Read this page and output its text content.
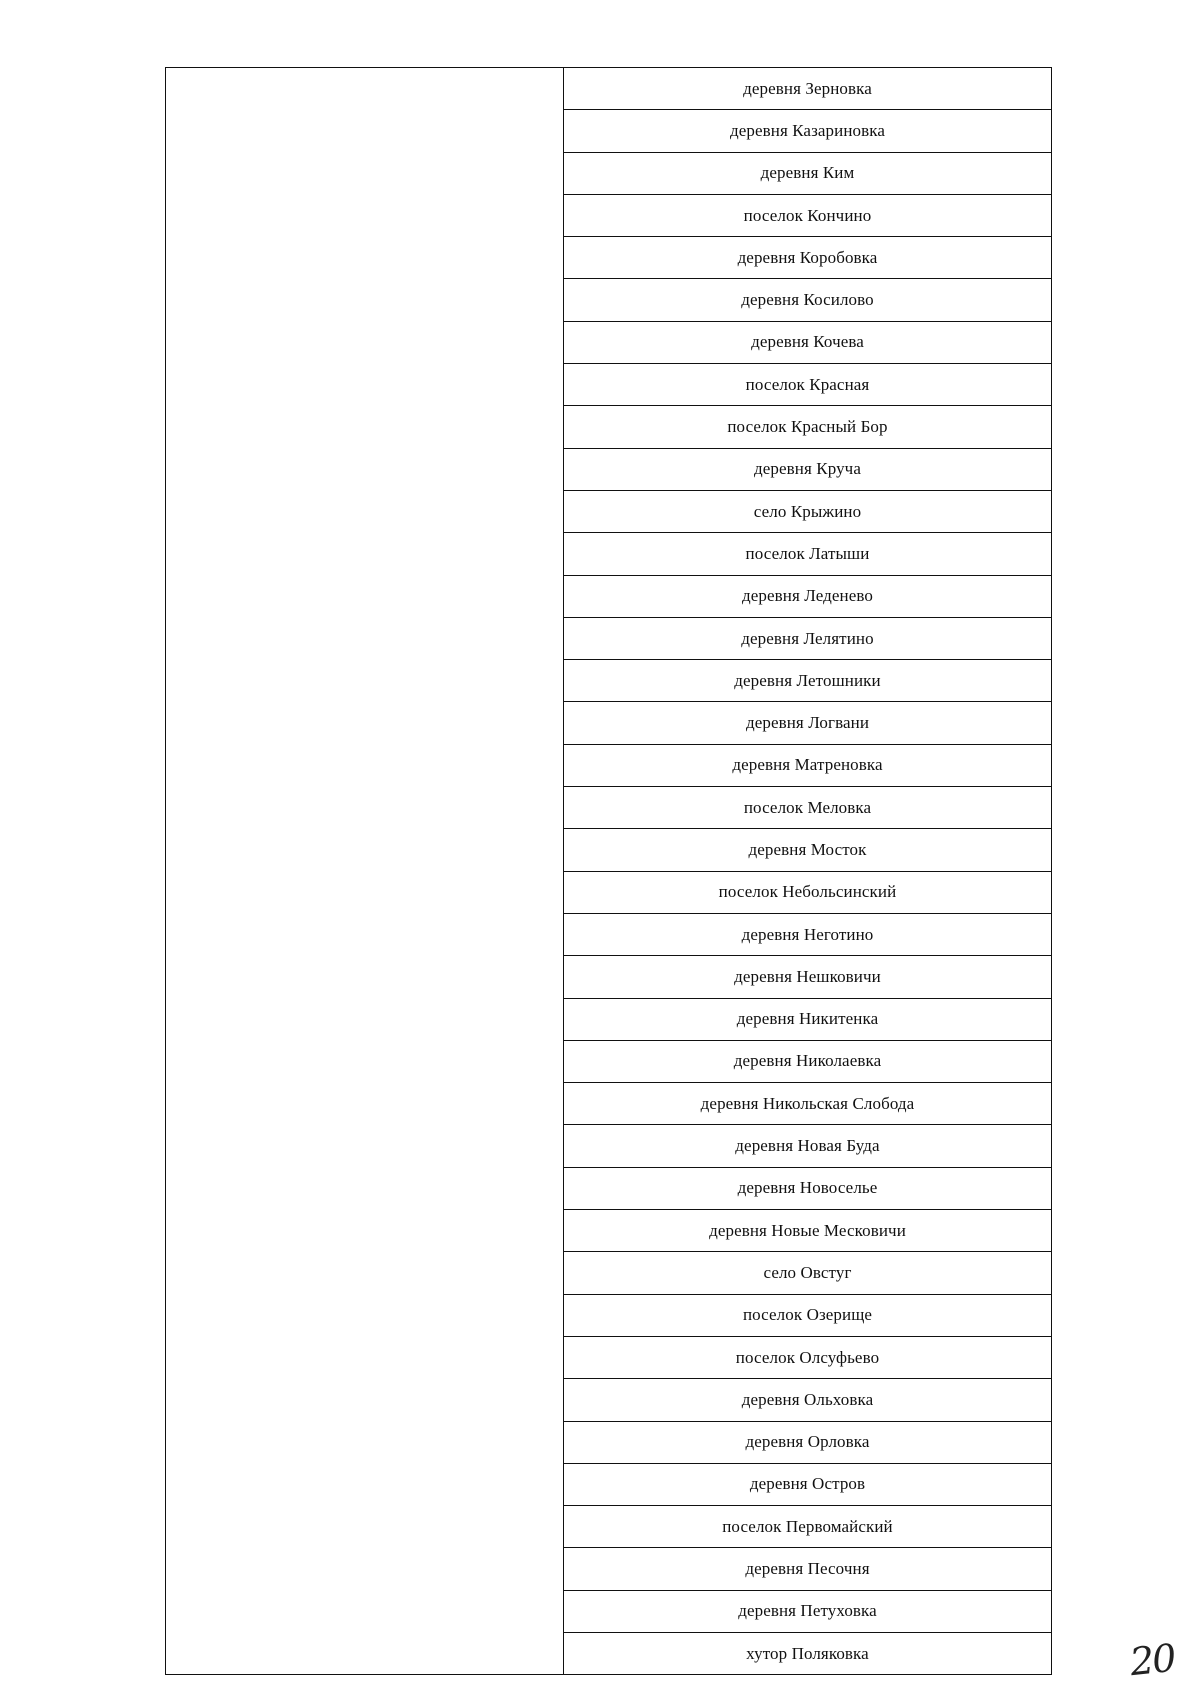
деревня Зерновка
деревня Казариновка
деревня Ким
поселок Кончино
деревня Коробовка
деревня Косилово
деревня Кочева
поселок Красная
поселок Красный Бор
деревня Круча
село Крыжино
поселок Латыши
деревня Леденево
деревня Лелятино
деревня Летошники
деревня Логвани
деревня Матреновка
поселок Меловка
деревня Мосток
поселок Небольсинский
деревня Неготино
деревня Нешковичи
деревня Никитенка
деревня Николаевка
деревня Никольская Слобода
деревня Новая Буда
деревня Новоселье
деревня Новые Месковичи
село Овстуг
поселок Озерище
поселок Олсуфьево
деревня Ольховка
деревня Орловка
деревня Остров
поселок Первомайский
деревня Песочня
деревня Петуховка
хутор Поляковка	20
